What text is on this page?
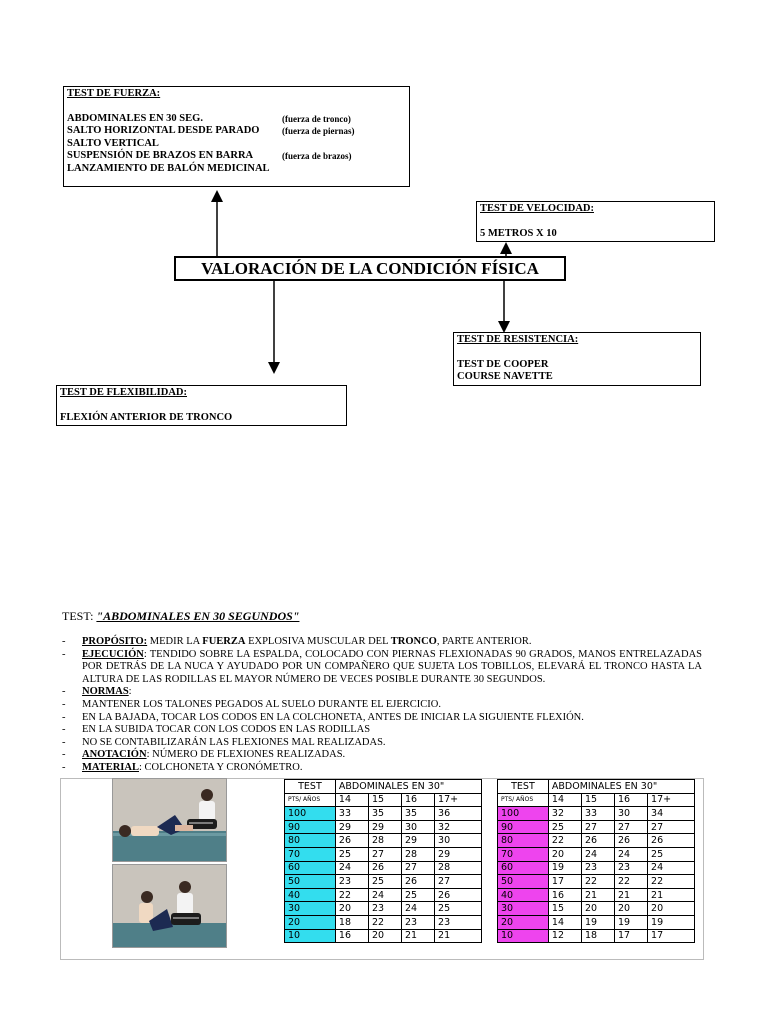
TEST DE FUERZA:
ABDOMINALES EN 30 SEG.
SALTO HORIZONTAL DESDE PARADO
SALTO VERTICAL
SUSPENSIÓN DE BRAZOS EN BARRA
LANZAMIENTO DE BALÓN MEDICINAL
(fuerza de tronco)
(fuerza de piernas)
(fuerza de brazos)
TEST DE VELOCIDAD:
5 METROS X 10
VALORACIÓN DE LA CONDICIÓN FÍSICA
TEST DE RESISTENCIA:
TEST DE COOPER
COURSE NAVETTE
TEST DE FLEXIBILIDAD:
FLEXIÓN ANTERIOR DE TRONCO
TEST: "ABDOMINALES EN 30 SEGUNDOS"
-	PROPÓSITO: MEDIR LA FUERZA EXPLOSIVA MUSCULAR DEL TRONCO, PARTE ANTERIOR.
-	EJECUCIÓN: TENDIDO SOBRE LA ESPALDA, COLOCADO CON PIERNAS FLEXIONADAS 90 GRADOS, MANOS ENTRELAZADAS POR DETRÁS DE LA NUCA Y AYUDADO POR UN COMPAÑERO QUE SUJETA LOS TOBILLOS, ELEVARÁ EL TRONCO HASTA LA ALTURA DE LAS RODILLAS EL MAYOR NÚMERO DE VECES POSIBLE DURANTE 30 SEGUNDOS.
-	NORMAS:
-	MANTENER LOS TALONES PEGADOS AL SUELO DURANTE EL EJERCICIO.
-	EN LA BAJADA, TOCAR LOS CODOS EN LA COLCHONETA, ANTES DE INICIAR LA SIGUIENTE FLEXIÓN.
-	EN LA SUBIDA TOCAR CON LOS CODOS EN LAS RODILLAS
-	NO SE CONTABILIZARÁN LAS FLEXIONES MAL REALIZADAS.
-	ANOTACIÓN: NÚMERO DE FLEXIONES REALIZADAS.
-	MATERIAL: COLCHONETA Y CRONÓMETRO.
TEST	ABDOMINALES EN 30"			
PTS/ AÑOS	14	15	16	17+
100	33	35	35	36
90	29	29	30	32
80	26	28	29	30
70	25	27	28	29
60	24	26	27	28
50	23	25	26	27
40	22	24	25	26
30	20	23	24	25
20	18	22	23	23
10	16	20	21	21
TEST	ABDOMINALES EN 30"			
PTS/ AÑOS	14	15	16	17+
100	32	33	30	34
90	25	27	27	27
80	22	26	26	26
70	20	24	24	25
60	19	23	23	24
50	17	22	22	22
40	16	21	21	21
30	15	20	20	20
20	14	19	19	19
10	12	18	17	17
